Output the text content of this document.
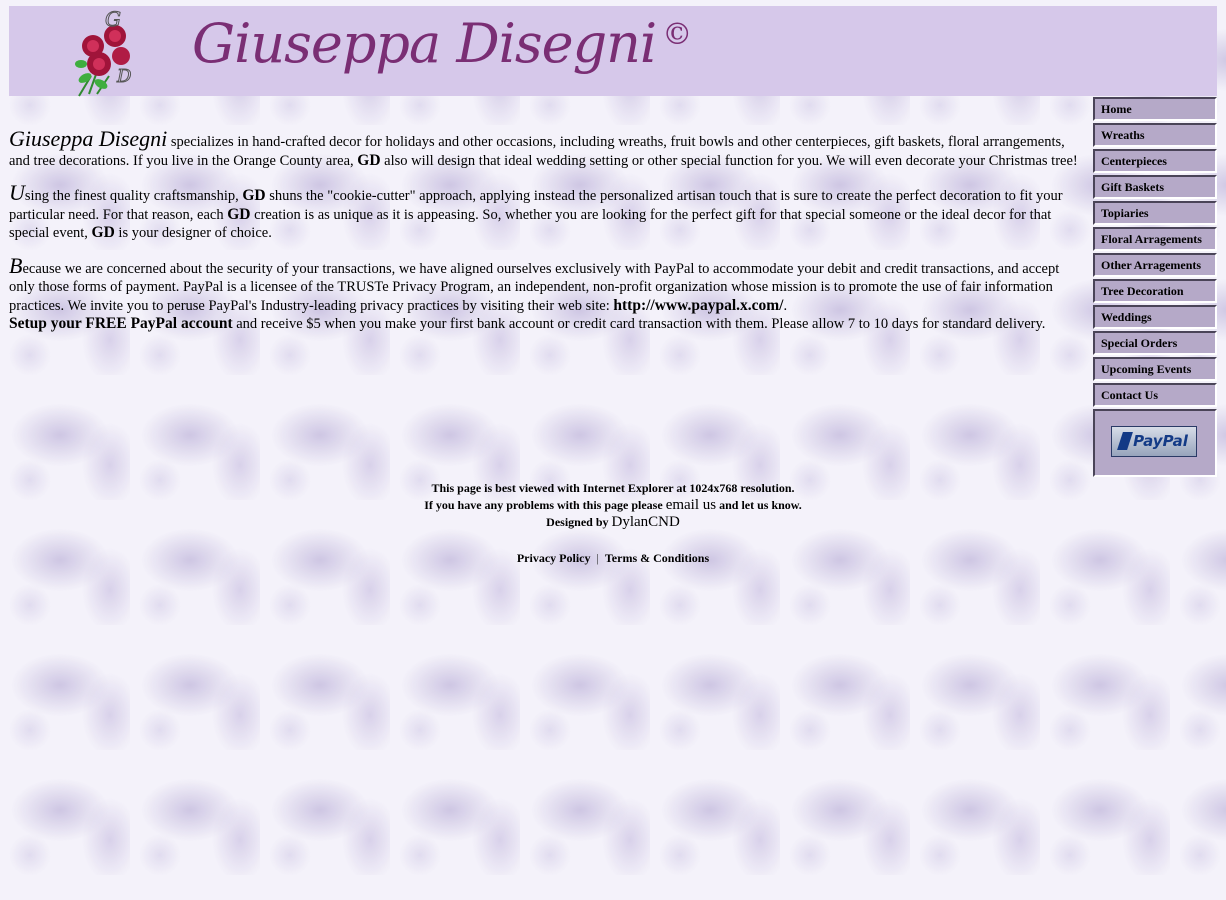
G
D
Giuseppa Disegni ©
Home
Wreaths
Centerpieces
Gift Baskets
Topiaries
Floral Arragements
Other Arragements
Tree Decoration
Weddings
Special Orders
Upcoming Events
Contact Us
PayPal

Giuseppa Disegni specializes in hand-crafted decor for holidays and other occasions, including wreaths, fruit bowls and other centerpieces, gift baskets, floral arrangements, and tree decorations. If you live in the Orange County area, GD also will design that ideal wedding setting or other special function for you. We will even decorate your Christmas tree!

Using the finest quality craftsmanship, GD shuns the "cookie-cutter" approach, applying instead the personalized artisan touch that is sure to create the perfect decoration to fit your particular need. For that reason, each GD creation is as unique as it is appeasing. So, whether you are looking for the perfect gift for that special someone or the ideal decor for that special event, GD is your designer of choice.

Because we are concerned about the security of your transactions, we have aligned ourselves exclusively with PayPal to accommodate your debit and credit transactions, and accept only those forms of payment. PayPal is a licensee of the TRUSTe Privacy Program, an independent, non-profit organization whose mission is to promote the use of fair information practices. We invite you to peruse PayPal's Industry-leading privacy practices by visiting their web site: http://www.paypal.x.com/.
Setup your FREE PayPal account and receive $5 when you make your first bank account or credit card transaction with them. Please allow 7 to 10 days for standard delivery.

This page is best viewed with Internet Explorer at 1024x768 resolution.
If you have any problems with this page please email us and let us know.
Designed by DylanCND
Privacy Policy | Terms & Conditions
